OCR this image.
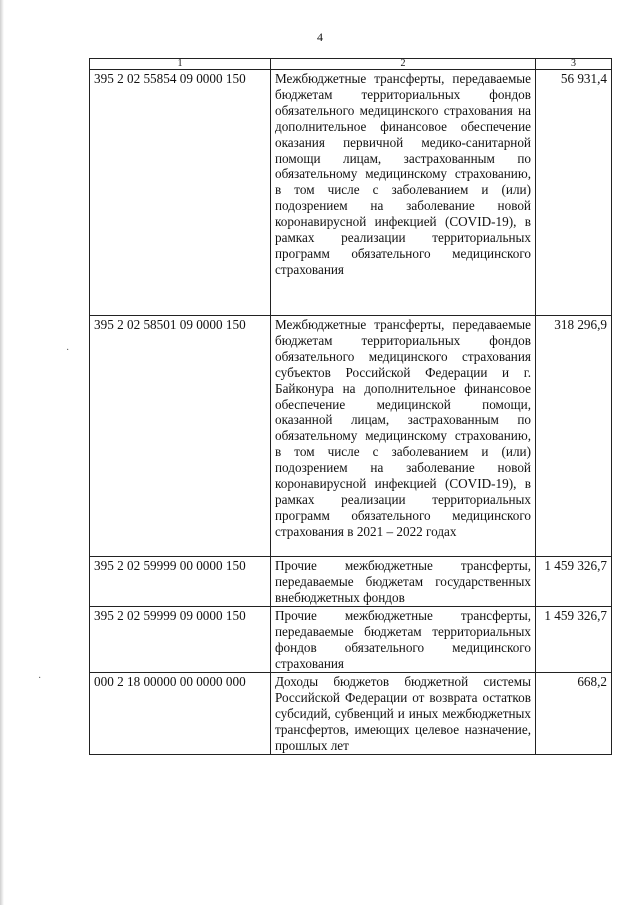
4
·
·
1	2	3
395 2 02 55854 09 0000 150	Межбюджетные трансферты, передаваемые бюджетам территориальных фондов обязательного медицинского страхования на дополнительное финансовое обеспечение оказания первичной медико-санитарной помощи лицам, застрахованным по обязательному медицинскому страхованию, в том числе с заболеванием и (или) подозрением на заболевание новой коронавирусной инфекцией (COVID-19), в рамках реализации территориальных программ обязательного медицинского страхования	56 931,4
395 2 02 58501 09 0000 150	Межбюджетные трансферты, передаваемые бюджетам территориальных фондов обязательного медицинского страхования субъектов Российской Федерации и г. Байконура на дополнительное финансовое обеспечение медицинской помощи, оказанной лицам, застрахованным по обязательному медицинскому страхованию, в том числе с заболеванием и (или) подозрением на заболевание новой коронавирусной инфекцией (COVID-19), в рамках реализации территориальных программ обязательного медицинского страхования в 2021 – 2022 годах	318 296,9
395 2 02 59999 00 0000 150	Прочие межбюджетные трансферты, передаваемые бюджетам государственных внебюджетных фондов	1 459 326,7
395 2 02 59999 09 0000 150	Прочие межбюджетные трансферты, передаваемые бюджетам территориальных фондов обязательного медицинского страхования	1 459 326,7
000 2 18 00000 00 0000 000	Доходы бюджетов бюджетной системы Российской Федерации от возврата остатков субсидий, субвенций и иных межбюджетных трансфертов, имеющих целевое назначение, прошлых лет	668,2
